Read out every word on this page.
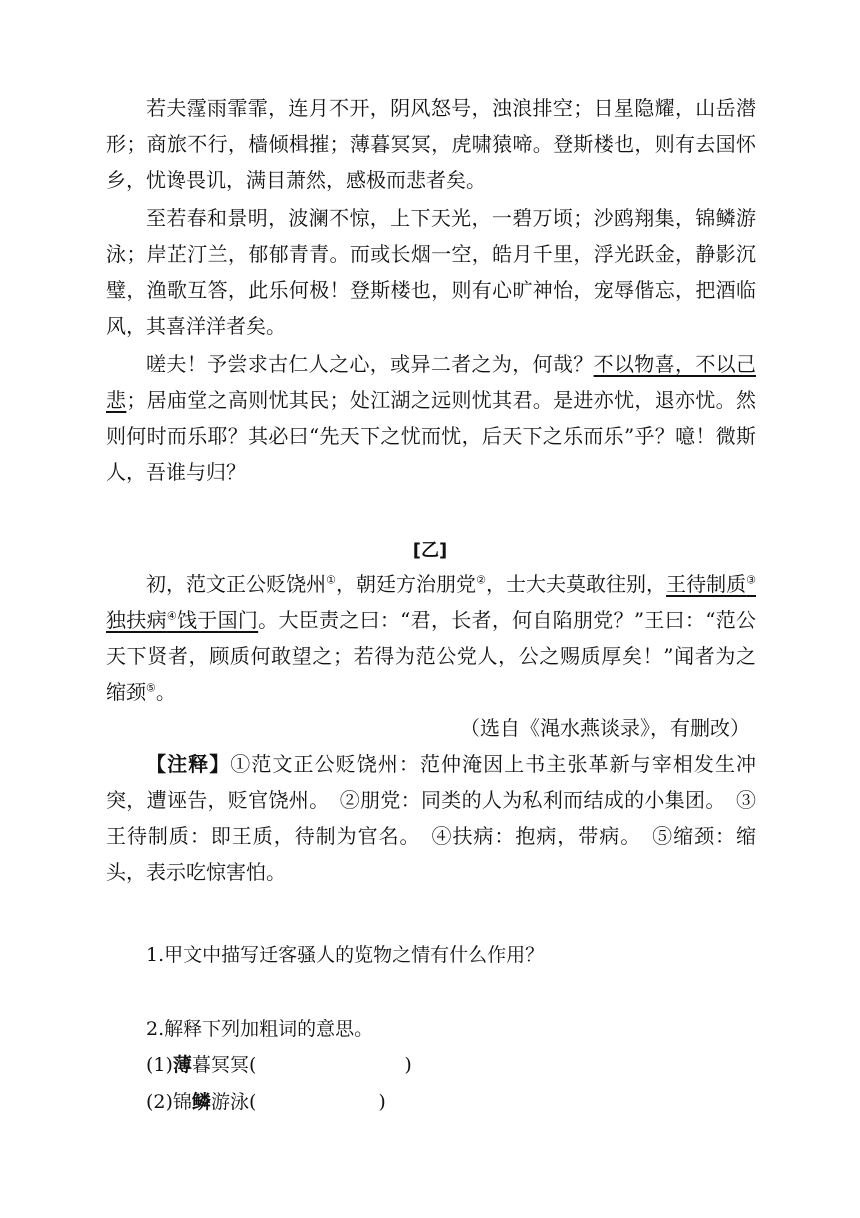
若夫霪雨霏霏，连月不开，阴风怒号，浊浪排空；日星隐耀，山岳潜形；商旅不行，樯倾楫摧；薄暮冥冥，虎啸猿啼。登斯楼也，则有去国怀乡，忧谗畏讥，满目萧然，感极而悲者矣。

至若春和景明，波澜不惊，上下天光，一碧万顷；沙鸥翔集，锦鳞游泳；岸芷汀兰，郁郁青青。而或长烟一空，皓月千里，浮光跃金，静影沉璧，渔歌互答，此乐何极！登斯楼也，则有心旷神怡，宠辱偕忘，把酒临风，其喜洋洋者矣。

嗟夫！予尝求古仁人之心，或异二者之为，何哉？不以物喜，不以己悲；居庙堂之高则忧其民；处江湖之远则忧其君。是进亦忧，退亦忧。然则何时而乐耶？其必曰“先天下之忧而忧，后天下之乐而乐”乎？噫！微斯人，吾谁与归？

[乙]

初，范文正公贬饶州①，朝廷方治朋党②，士大夫莫敢往别，王待制质③独扶病④饯于国门。大臣责之曰：“君，长者，何自陷朋党？”王曰：“范公天下贤者，顾质何敢望之；若得为范公党人，公之赐质厚矣！”闻者为之缩颈⑤。

（选自《渑水燕谈录》，有删改）

【注释】①范文正公贬饶州：范仲淹因上书主张革新与宰相发生冲突，遭诬告，贬官饶州。　②朋党：同类的人为私利而结成的小集团。　③王待制质：即王质，待制为官名。　④扶病：抱病，带病。　⑤缩颈：缩头，表示吃惊害怕。

1.甲文中描写迁客骚人的览物之情有什么作用？
2.解释下列加粗词的意思。
(1)薄暮冥冥(	)
(2)锦鳞游泳(	)
